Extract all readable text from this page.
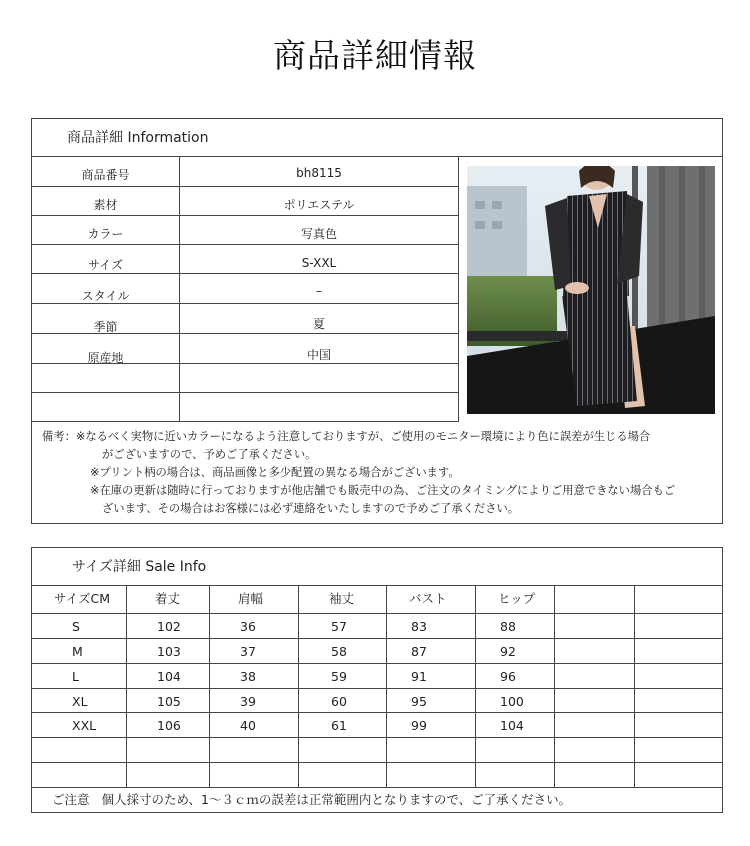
商品詳細情報
商品詳細 Information
商品番号	bh8115
素材	ポリエステル
カラー	写真色
サイズ	S-XXL
スタイル	–
季節	夏
原産地	中国
備考：※なるべく実物に近いカラーになるよう注意しておりますが、ご使用のモニター環境により色に誤差が生じる場合
がございますので、予めご了承ください。
※プリント柄の場合は、商品画像と多少配置の異なる場合がございます。
※在庫の更新は随時に行っておりますが他店舗でも販売中の為、ご注文のタイミングによりご用意できない場合もご
ざいます、その場合はお客様には必ず連絡をいたしますので予めご了承ください。
サイズ詳細 Sale Info
サイズCM	着丈	肩幅	袖丈	バスト	ヒップ
S	102	36	57	83	88
M	103	37	58	87	92
L	104	38	59	91	96
XL	105	39	60	95	100
XXL	106	40	61	99	104
ご注意 個人採寸のため、1～３ｃｍの誤差は正常範囲内となりますので、ご了承ください。
